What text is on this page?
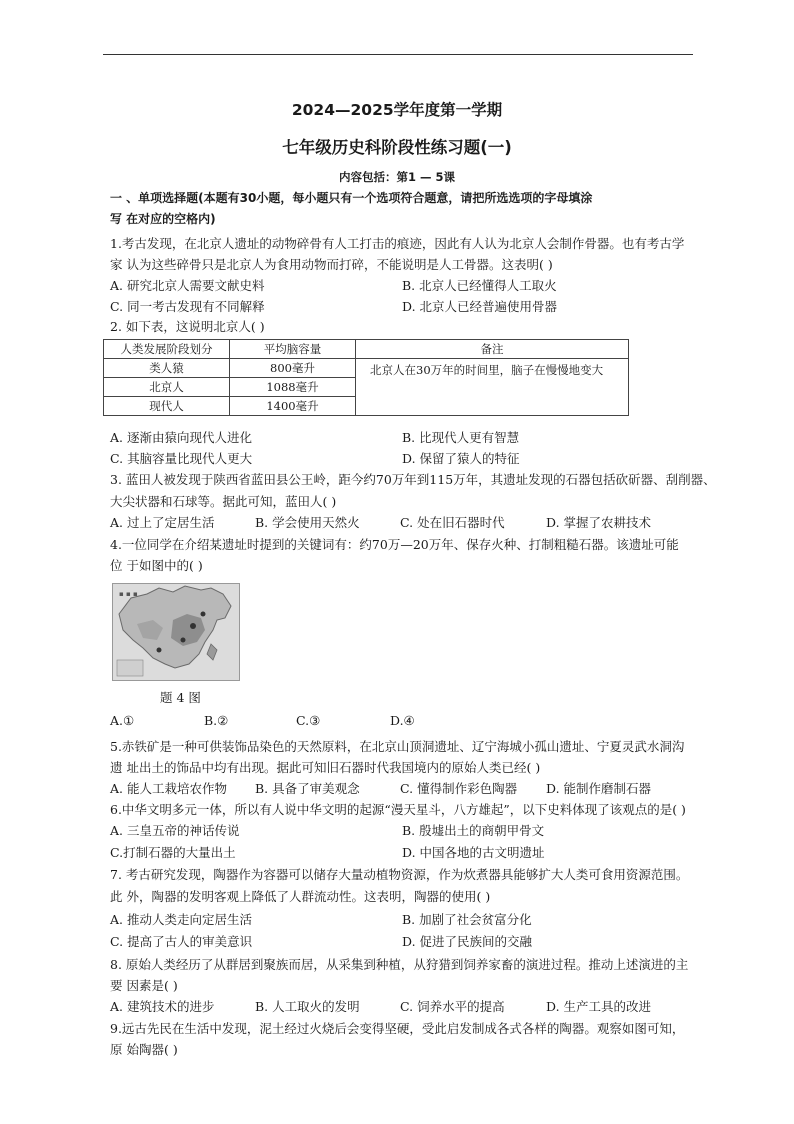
2024—2025学年度第一学期
七年级历史科阶段性练习题(一)
内容包括：第1 — 5课
一 、单项选择题(本题有30小题，每小题只有一个选项符合题意，请把所选选项的字母填涂
写 在对应的空格内)
1.考古发现，在北京人遗址的动物碎骨有人工打击的痕迹，因此有人认为北京人会制作骨器。也有考古学
家 认为这些碎骨只是北京人为食用动物而打碎，不能说明是人工骨器。这表明( )
A. 研究北京人需要文献史料	B. 北京人已经懂得人工取火
C. 同一考古发现有不同解释	D. 北京人已经普遍使用骨器
2. 如下表，这说明北京人( )
人类发展阶段划分	平均脑容量	备注
类人猿	800毫升	北京人在30万年的时间里，脑子在慢慢地变大
北京人	1088毫升	
现代人	1400毫升	
A. 逐渐由猿向现代人进化	B. 比现代人更有智慧
C. 其脑容量比现代人更大	D. 保留了猿人的特征
3. 蓝田人被发现于陕西省蓝田县公王岭，距今约70万年到115万年，其遗址发现的石器包括砍斫器、刮削器、
大尖状器和石球等。据此可知，蓝田人( )
A. 过上了定居生活	B. 学会使用天然火	C. 处在旧石器时代	D. 掌握了农耕技术
4.一位同学在介绍某遗址时提到的关键词有：约70万—20万年、保存火种、打制粗糙石器。该遗址可能
位 于如图中的( )
▪ ▪ ▪
题 4 图
A.①	B.②	C.③	D.④
5.赤铁矿是一种可供装饰品染色的天然原料，在北京山顶洞遗址、辽宁海城小孤山遗址、宁夏灵武水洞沟
遗 址出土的饰品中均有出现。据此可知旧石器时代我国境内的原始人类已经( )
A. 能人工栽培农作物 B. 具备了审美观念	C. 懂得制作彩色陶器 D. 能制作磨制石器
6.中华文明多元一体，所以有人说中华文明的起源“漫天星斗，八方雄起”，以下史料体现了该观点的是( )
A. 三皇五帝的神话传说	B. 殷墟出土的商朝甲骨文
C.打制石器的大量出土	D. 中国各地的古文明遗址
7. 考古研究发现，陶器作为容器可以储存大量动植物资源，作为炊煮器具能够扩大人类可食用资源范围。
此 外，陶器的发明客观上降低了人群流动性。这表明，陶器的使用( )
A. 推动人类走向定居生活	B. 加剧了社会贫富分化
C. 提高了古人的审美意识	D. 促进了民族间的交融
8. 原始人类经历了从群居到聚族而居，从采集到种植，从狩猎到饲养家畜的演进过程。推动上述演进的主
要 因素是( )
A. 建筑技术的进步	B. 人工取火的发明	C. 饲养水平的提高	D. 生产工具的改进
9.远古先民在生活中发现，泥土经过火烧后会变得坚硬，受此启发制成各式各样的陶器。观察如图可知，
原 始陶器( )
